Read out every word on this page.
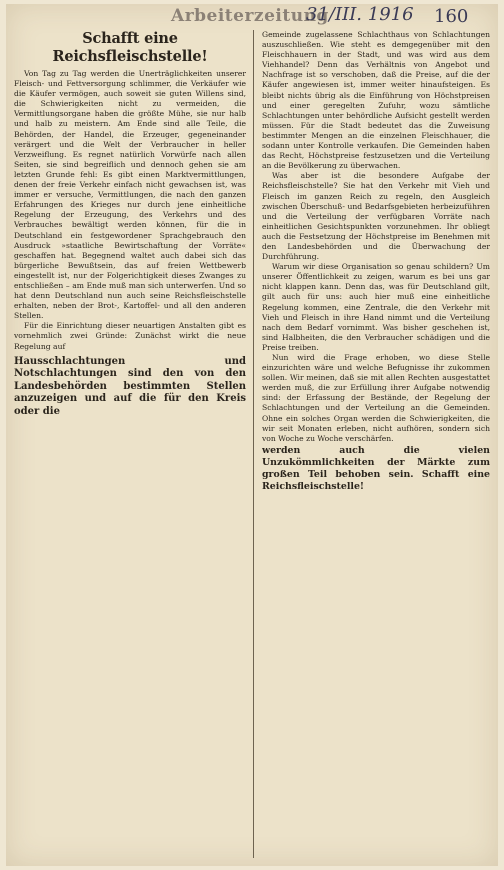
Arbeiterzeitung
31/III. 1916 160
Schafft eine Reichsfleischstelle!

Von Tag zu Tag werden die Unerträglichkeiten unserer Fleisch- und Fettversorgung schlimmer, die Verkäufer wie die Käufer vermögen, auch soweit sie guten Willens sind, die Schwierigkeiten nicht zu vermeiden, die Vermittlungsorgane haben die größte Mühe, sie nur halb und halb zu meistern. Am Ende sind alle Teile, die Behörden, der Handel, die Erzeuger, gegeneinander verärgert und die Welt der Verbraucher in heller Verzweiflung. Es regnet natürlich Vorwürfe nach allen Seiten, sie sind begreiflich und dennoch gehen sie am letzten Grunde fehl: Es gibt einen Marktvermittlungen, denen der freie Verkehr einfach nicht gewachsen ist, was immer er versuche, Vermittlungen, die nach den ganzen Erfahrungen des Krieges nur durch jene einheitliche Regelung der Erzeugung, des Verkehrs und des Verbrauches bewältigt werden können, für die in Deutschland ein festgewordener Sprachgebrauch den Ausdruck »staatliche Bewirtschaftung der Vorräte« geschaffen hat. Begegnend waltet auch dabei sich das bürgerliche Bewußtsein, das auf freien Wettbewerb eingestellt ist, nur der Folgerichtigkeit dieses Zwanges zu entschließen – am Ende muß man sich unterwerfen. Und so hat denn Deutschland nun auch seine Reichsfleischstelle erhalten, neben der Brot-, Kartoffel- und all den anderen Stellen.

Für die Einrichtung dieser neuartigen Anstalten gibt es vornehmlich zwei Gründe: Zunächst wirkt die neue Regelung auf

Hausschlachtungen und Notschlachtungen sind den von den Landesbehörden bestimmten Stellen anzuzeigen und auf die für den Kreis oder die

Gemeinde zugelassene Schlachthaus von Schlachtungen auszuschließen. Wie steht es demgegenüber mit den Fleischhauern in der Stadt, und was wird aus dem Viehhandel? Denn das Verhältnis von Angebot und Nachfrage ist so verschoben, daß die Preise, auf die der Käufer angewiesen ist, immer weiter hinaufsteigen. Es bleibt nichts übrig als die Einführung von Höchstpreisen und einer geregelten Zufuhr, wozu sämtliche Schlachtungen unter behördliche Aufsicht gestellt werden müssen. Für die Stadt bedeutet das die Zuweisung bestimmter Mengen an die einzelnen Fleischhauer, die sodann unter Kontrolle verkaufen. Die Gemeinden haben das Recht, Höchstpreise festzusetzen und die Verteilung an die Bevölkerung zu überwachen.

Was aber ist die besondere Aufgabe der Reichsfleischstelle? Sie hat den Verkehr mit Vieh und Fleisch im ganzen Reich zu regeln, den Ausgleich zwischen Überschuß- und Bedarfsgebieten herbeizuführen und die Verteilung der verfügbaren Vorräte nach einheitlichen Gesichtspunkten vorzunehmen. Ihr obliegt auch die Festsetzung der Höchstpreise im Benehmen mit den Landesbehörden und die Überwachung der Durchführung.

Warum wir diese Organisation so genau schildern? Um unserer Öffentlichkeit zu zeigen, warum es bei uns gar nicht klappen kann. Denn das, was für Deutschland gilt, gilt auch für uns: auch hier muß eine einheitliche Regelung kommen, eine Zentrale, die den Verkehr mit Vieh und Fleisch in ihre Hand nimmt und die Verteilung nach dem Bedarf vornimmt. Was bisher geschehen ist, sind Halbheiten, die den Verbraucher schädigen und die Preise treiben.

Nun wird die Frage erhoben, wo diese Stelle einzurichten wäre und welche Befugnisse ihr zukommen sollen. Wir meinen, daß sie mit allen Rechten ausgestattet werden muß, die zur Erfüllung ihrer Aufgabe notwendig sind: der Erfassung der Bestände, der Regelung der Schlachtungen und der Verteilung an die Gemeinden. Ohne ein solches Organ werden die Schwierigkeiten, die wir seit Monaten erleben, nicht aufhören, sondern sich von Woche zu Woche verschärfen.

werden auch die vielen Unzukömmlichkeiten der Märkte zum großen Teil behoben sein. Schafft eine Reichsfleischstelle!
